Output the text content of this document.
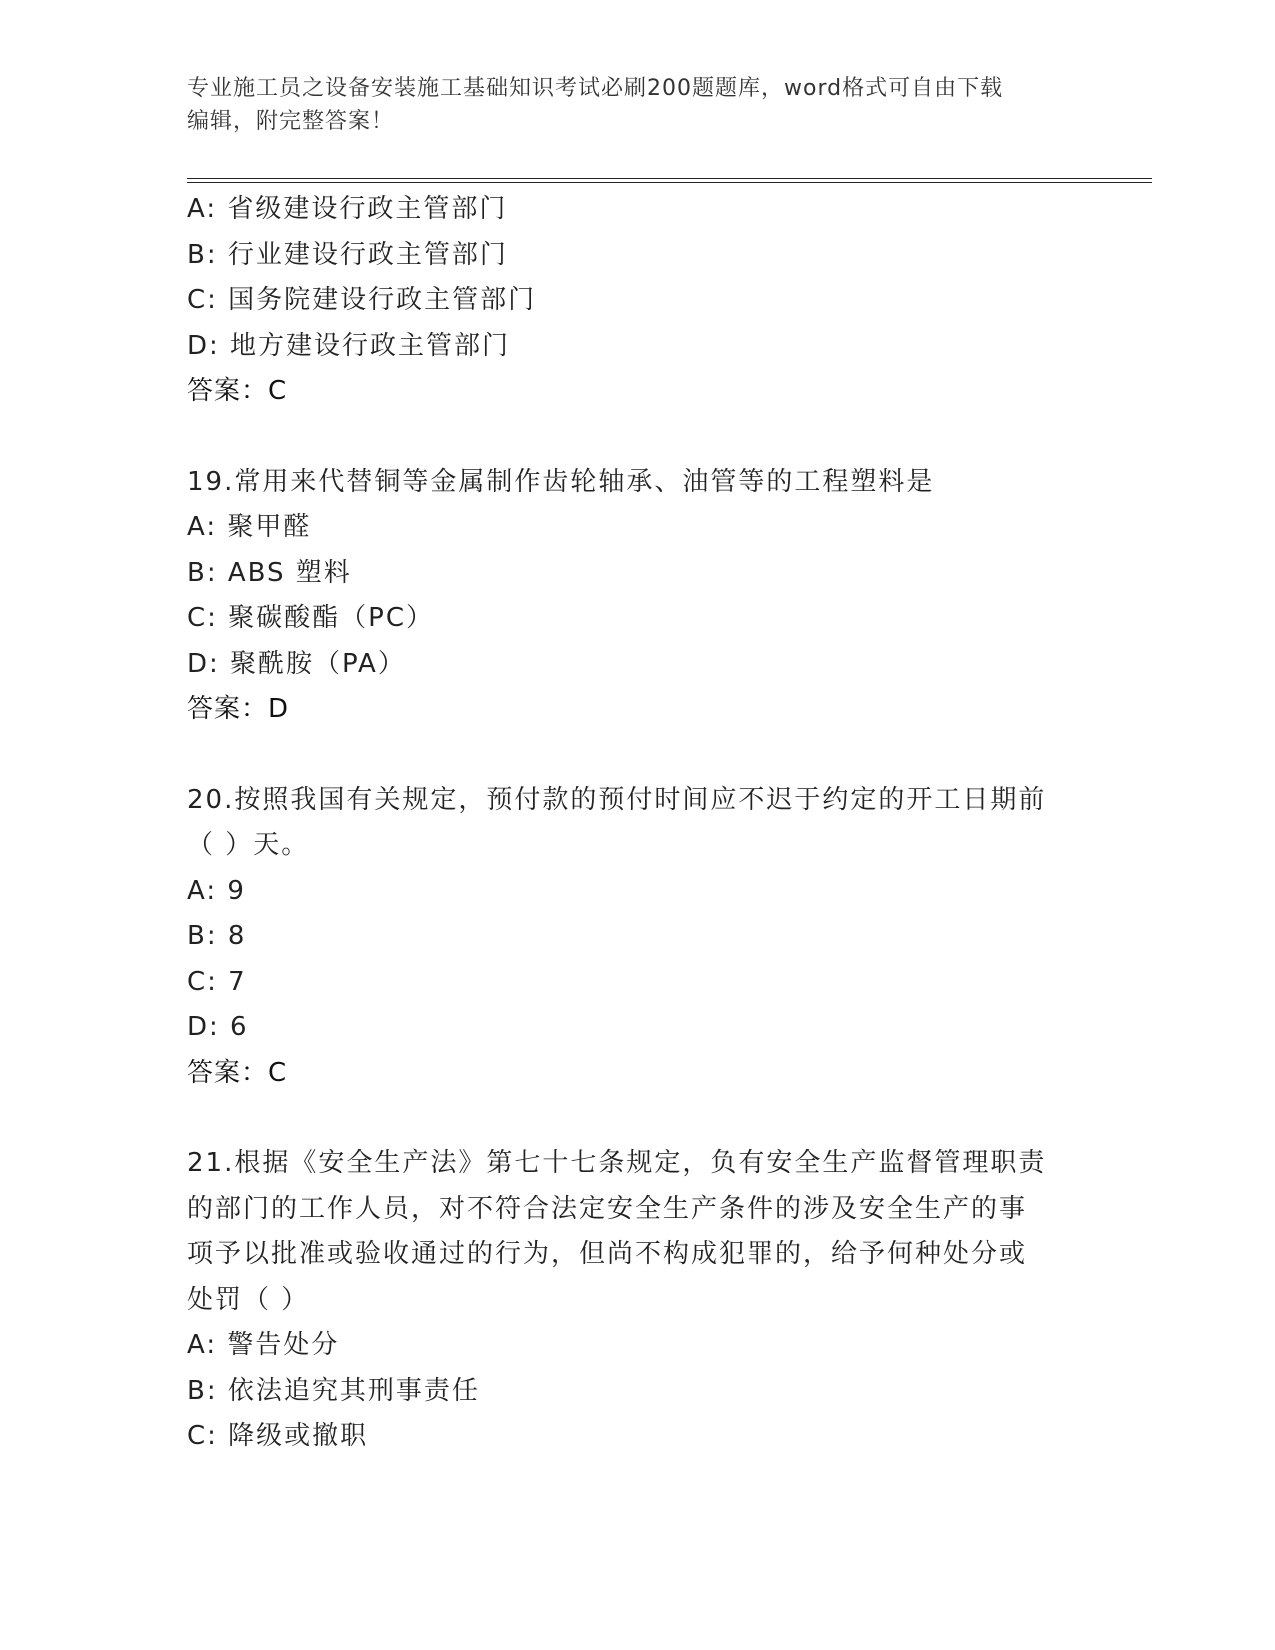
专业施工员之设备安装施工基础知识考试必刷200题题库，word格式可自由下载
编辑，附完整答案！
A: 省级建设行政主管部门
B: 行业建设行政主管部门
C: 国务院建设行政主管部门
D: 地方建设行政主管部门
答案：C
19.常用来代替铜等金属制作齿轮轴承、油管等的工程塑料是
A: 聚甲醛
B: ABS 塑料
C: 聚碳酸酯（PC）
D: 聚酰胺（PA）
答案：D
20.按照我国有关规定，预付款的预付时间应不迟于约定的开工日期前
（ ）天。
A: 9
B: 8
C: 7
D: 6
答案：C
21.根据《安全生产法》第七十七条规定，负有安全生产监督管理职责
的部门的工作人员，对不符合法定安全生产条件的涉及安全生产的事
项予以批准或验收通过的行为，但尚不构成犯罪的，给予何种处分或
处罚（ ）
A: 警告处分
B: 依法追究其刑事责任
C: 降级或撤职
